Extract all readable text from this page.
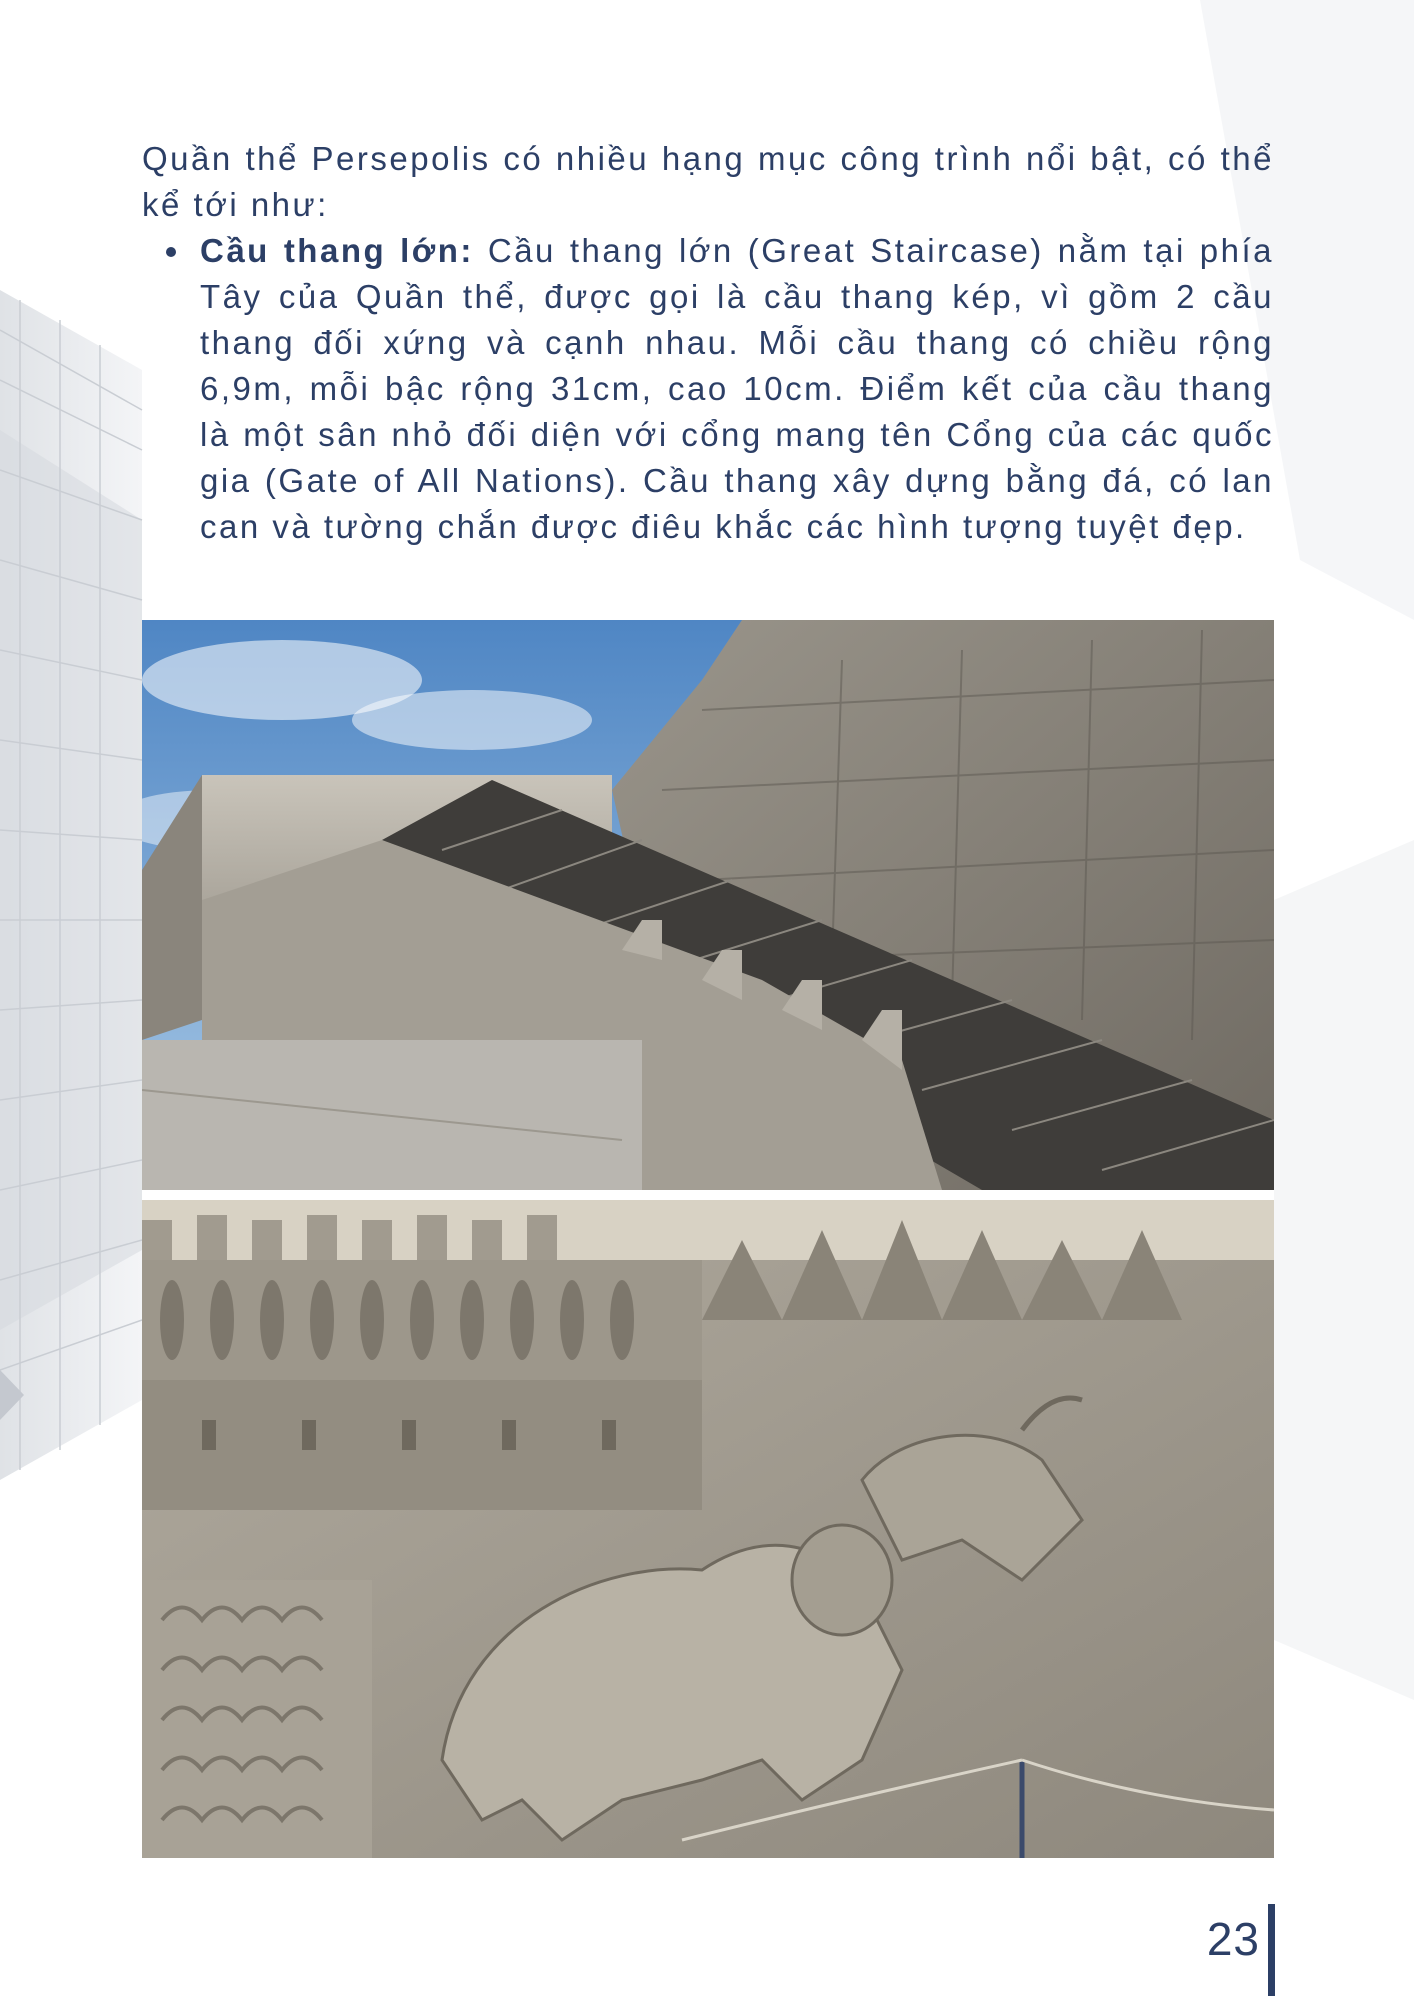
Quần thể Persepolis có nhiều hạng mục công trình nổi bật, có thể kể tới như:

Cầu thang lớn: Cầu thang lớn (Great Staircase) nằm tại phía Tây của Quần thể, được gọi là cầu thang kép, vì gồm 2 cầu thang đối xứng và cạnh nhau. Mỗi cầu thang có chiều rộng 6,9m, mỗi bậc rộng 31cm, cao 10cm. Điểm kết của cầu thang là một sân nhỏ đối diện với cổng mang tên Cổng của các quốc gia (Gate of All Nations). Cầu thang xây dựng bằng đá, có lan can và tường chắn được điêu khắc các hình tượng tuyệt đẹp.
23
